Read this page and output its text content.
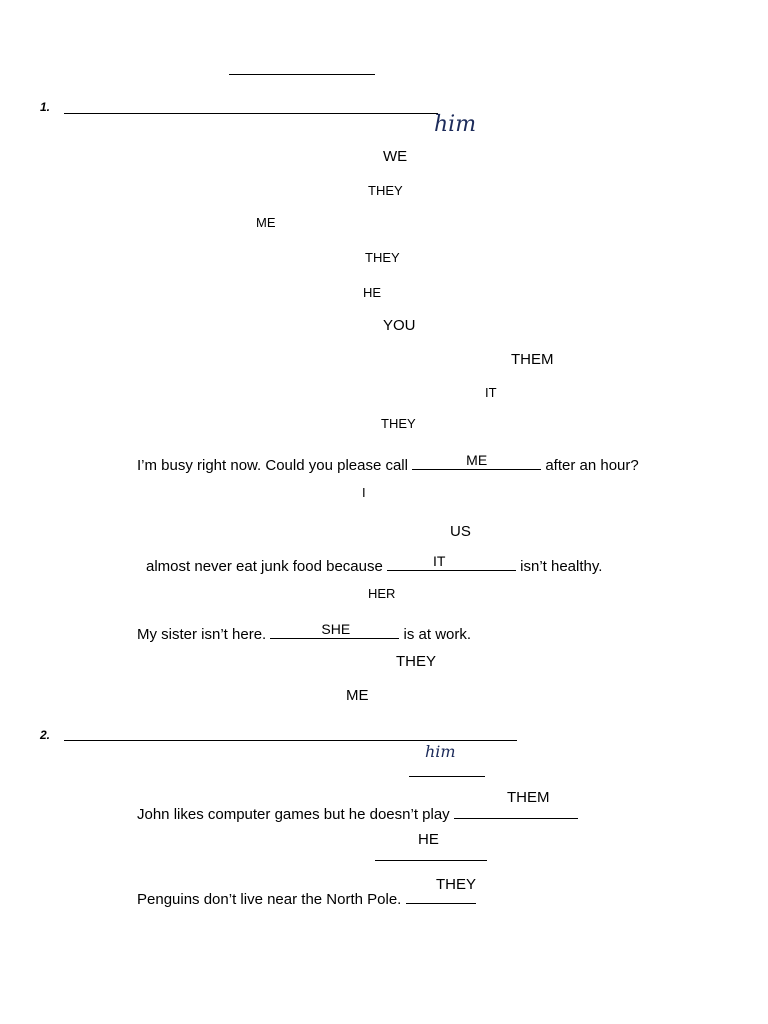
1.
him
WE
THEY
ME
THEY
HE
YOU
THEM
IT
THEY
I’m busy right now. Could you please call	ME	after an hour?
I
US
almost never eat junk food because	IT	isn’t healthy.
HER
My sister isn’t here.	SHE	is at work.
THEY
ME
2.
him
THEM
John likes computer games but he doesn’t play
HE
THEY
Penguins don’t live near the North Pole.
